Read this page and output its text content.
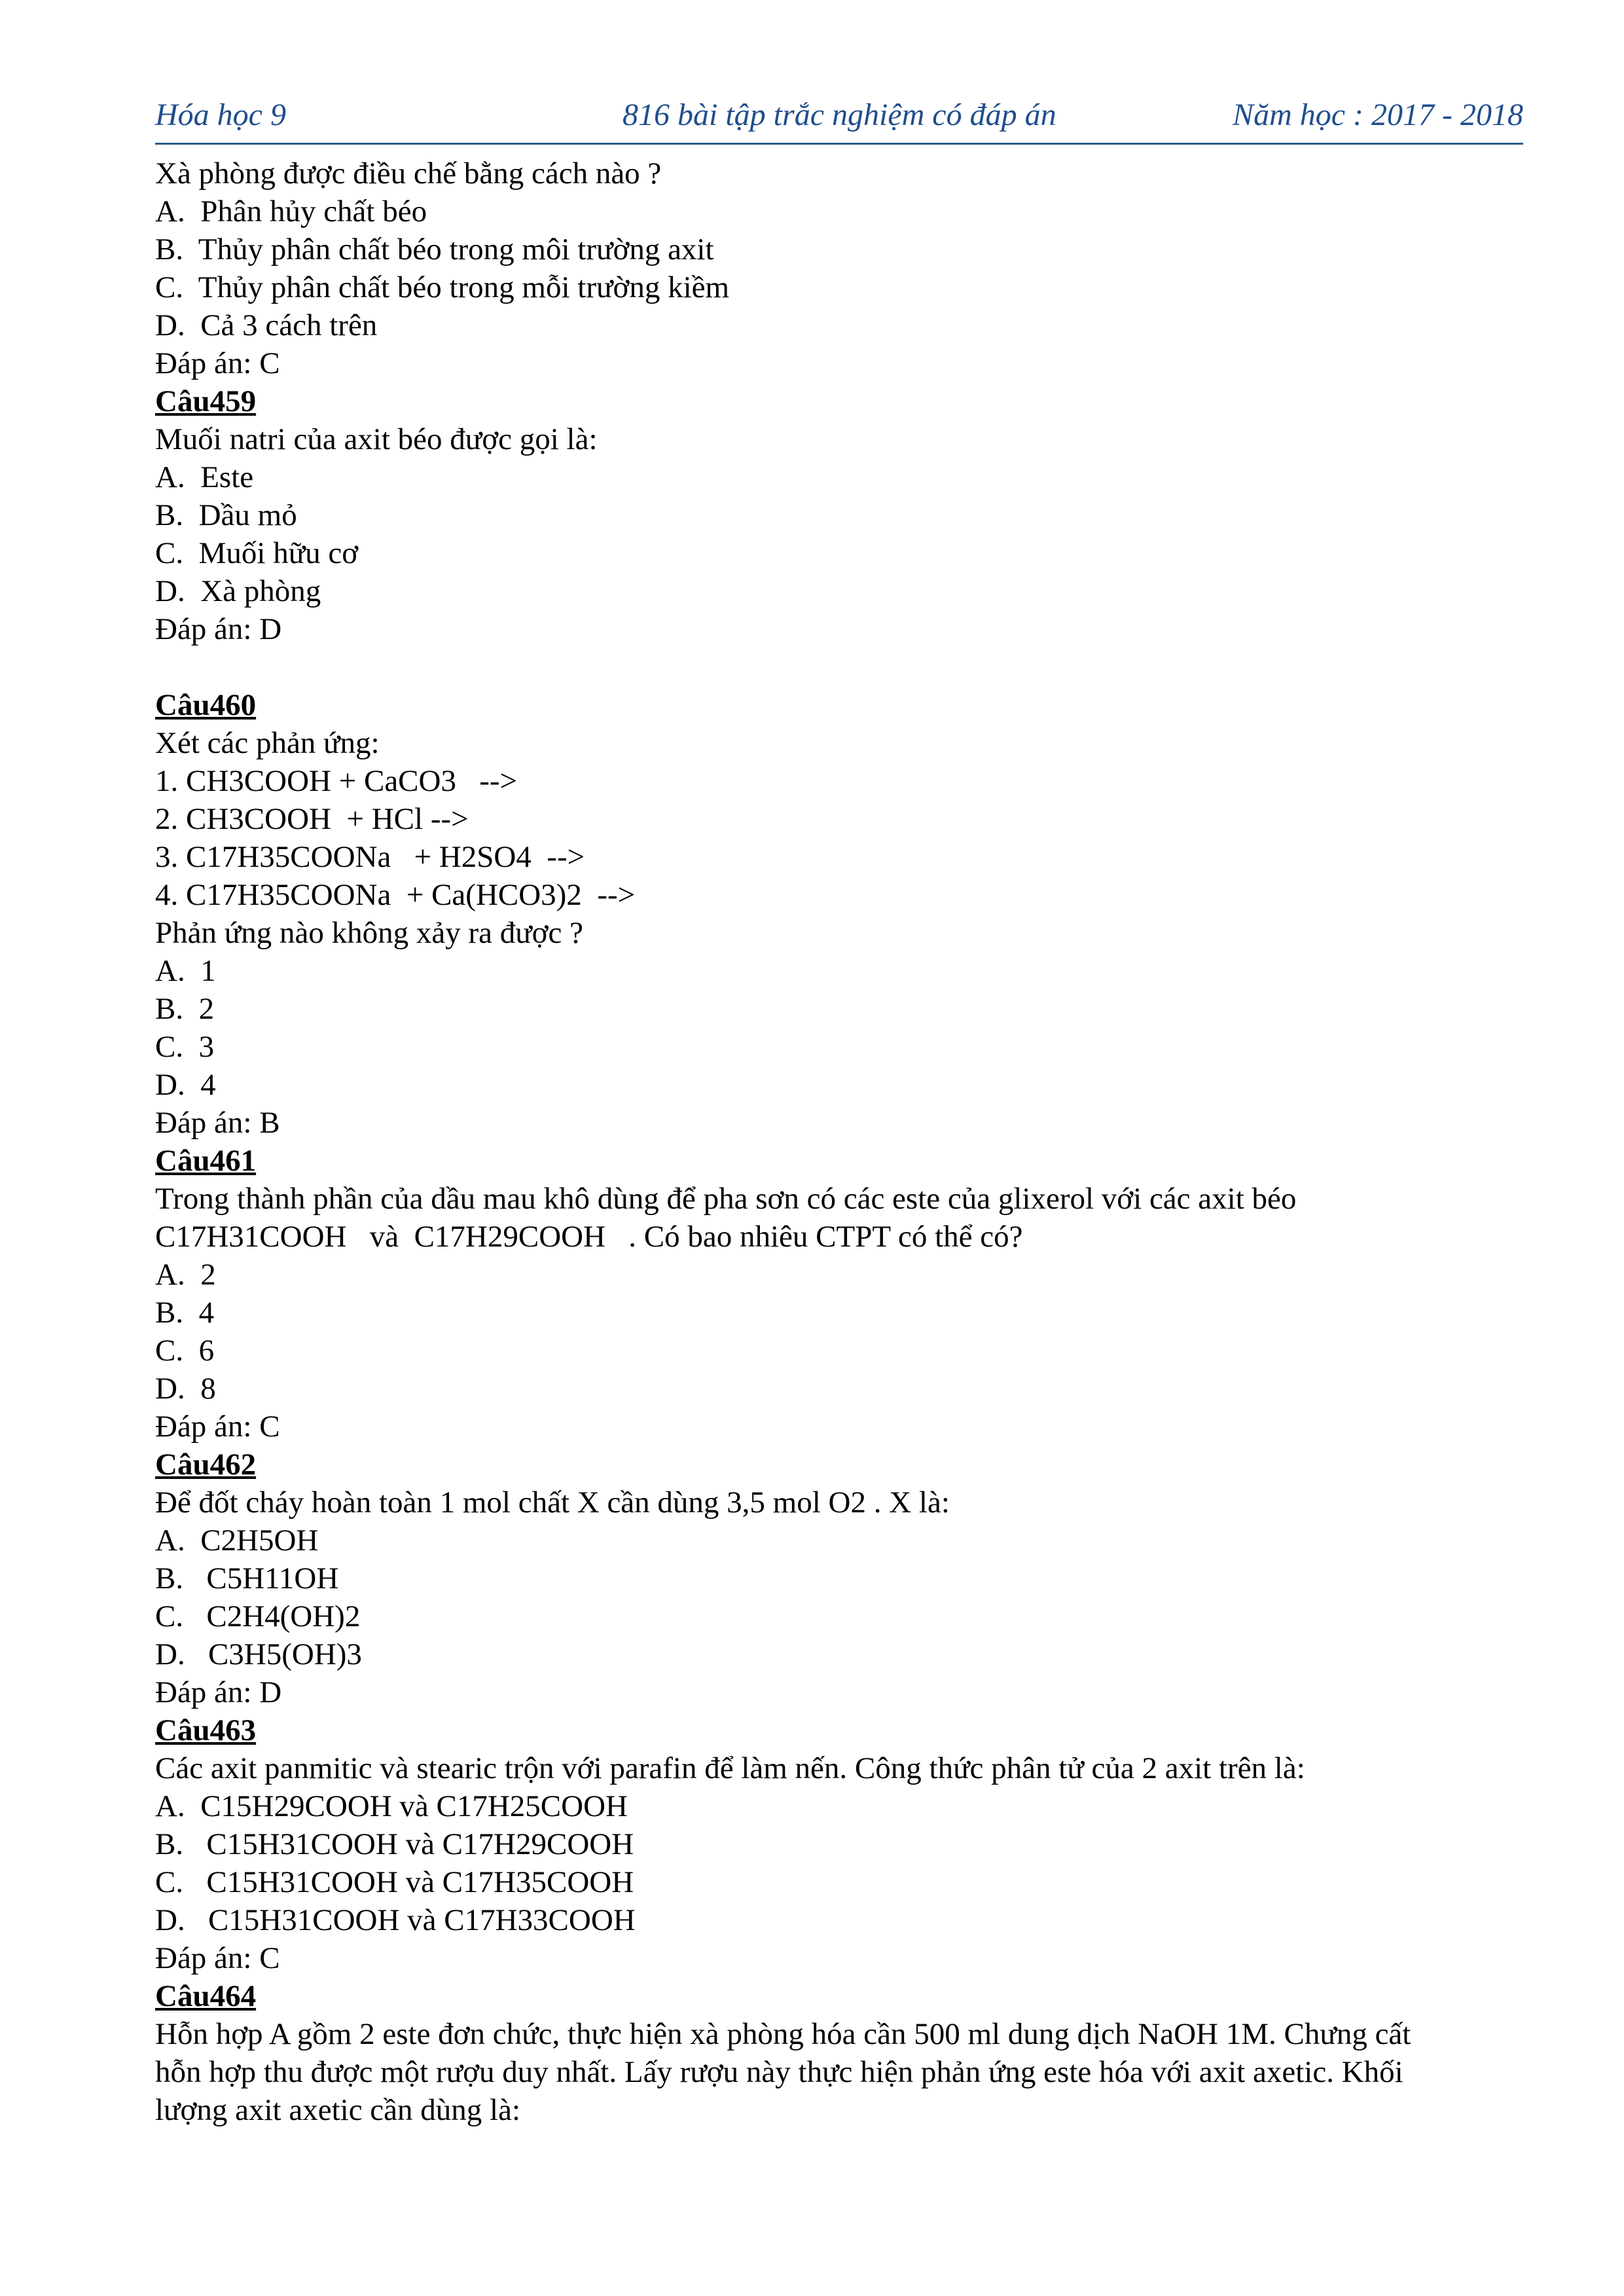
Hóa học 9	816 bài tập trắc nghiệm có đáp án	Năm học : 2017 - 2018
Xà phòng được điều chế bằng cách nào ?
A.  Phân hủy chất béo
B.  Thủy phân chất béo trong môi trường axit
C.  Thủy phân chất béo trong mỗi trường kiềm
D.  Cả 3 cách trên
Đáp án: C
Câu459
Muối natri của axit béo được gọi là:
A.  Este
B.  Dầu mỏ
C.  Muối hữu cơ
D.  Xà phòng
Đáp án: D
Câu460
Xét các phản ứng:
1. CH3COOH + CaCO3   -->
2. CH3COOH  + HCl -->
3. C17H35COONa   + H2SO4  -->
4. C17H35COONa  + Ca(HCO3)2  -->
Phản ứng nào không xảy ra được ?
A.  1
B.  2
C.  3
D.  4
Đáp án: B
Câu461
Trong thành phần của dầu mau khô dùng để pha sơn có các este của glixerol với các axit béo
C17H31COOH   và  C17H29COOH   . Có bao nhiêu CTPT có thể có?
A.  2
B.  4
C.  6
D.  8
Đáp án: C
Câu462
Để đốt cháy hoàn toàn 1 mol chất X cần dùng 3,5 mol O2 . X là:
A.  C2H5OH
B.   C5H11OH
C.   C2H4(OH)2
D.   C3H5(OH)3
Đáp án: D
Câu463
Các axit panmitic và stearic trộn với parafin để làm nến. Công thức phân tử của 2 axit trên là:
A.  C15H29COOH và C17H25COOH
B.   C15H31COOH và C17H29COOH
C.   C15H31COOH và C17H35COOH
D.   C15H31COOH và C17H33COOH
Đáp án: C
Câu464
Hỗn hợp A gồm 2 este đơn chức, thực hiện xà phòng hóa cần 500 ml dung dịch NaOH 1M. Chưng cất
hỗn hợp thu được một rượu duy nhất. Lấy rượu này thực hiện phản ứng este hóa với axit axetic. Khối
lượng axit axetic cần dùng là:
